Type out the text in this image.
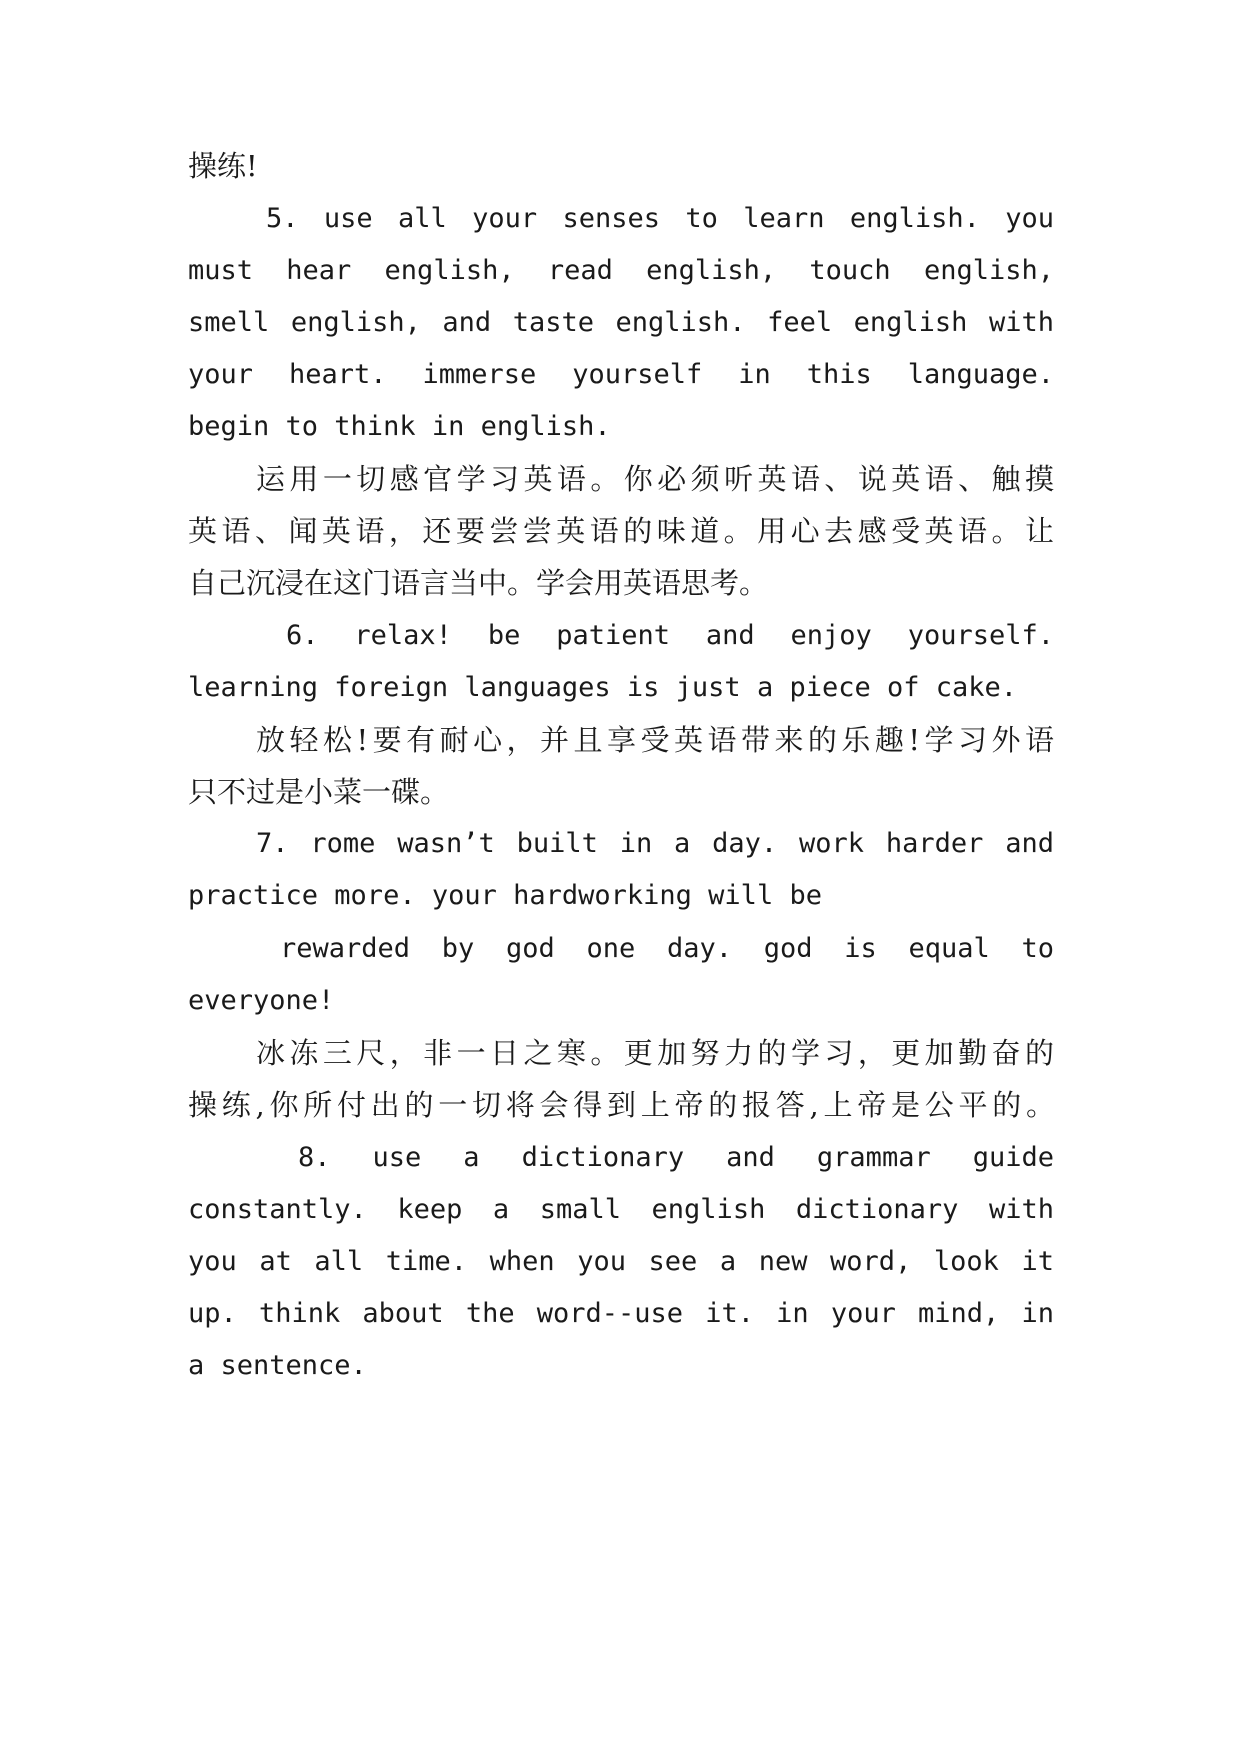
操练!
5. use all your senses to learn english. you
must hear english, read english, touch english,
smell english, and taste english. feel english with
your heart. immerse yourself in this language.
begin to think in english.
运用一切感官学习英语。你必须听英语、说英语、触摸
英语、闻英语，还要尝尝英语的味道。用心去感受英语。让
自己沉浸在这门语言当中。学会用英语思考。
6. relax! be patient and enjoy yourself.
learning foreign languages is just a piece of cake.
放轻松!要有耐心，并且享受英语带来的乐趣!学习外语
只不过是小菜一碟。
7. rome wasn’t built in a day. work harder and
practice more. your hardworking will be
rewarded by god one day. god is equal to
everyone!
冰冻三尺，非一日之寒。更加努力的学习，更加勤奋的
操练,你所付出的一切将会得到上帝的报答,上帝是公平的。
8. use a dictionary and grammar guide
constantly. keep a small english dictionary with
you at all time. when you see a new word, look it
up. think about the word--use it. in your mind, in
a sentence.
